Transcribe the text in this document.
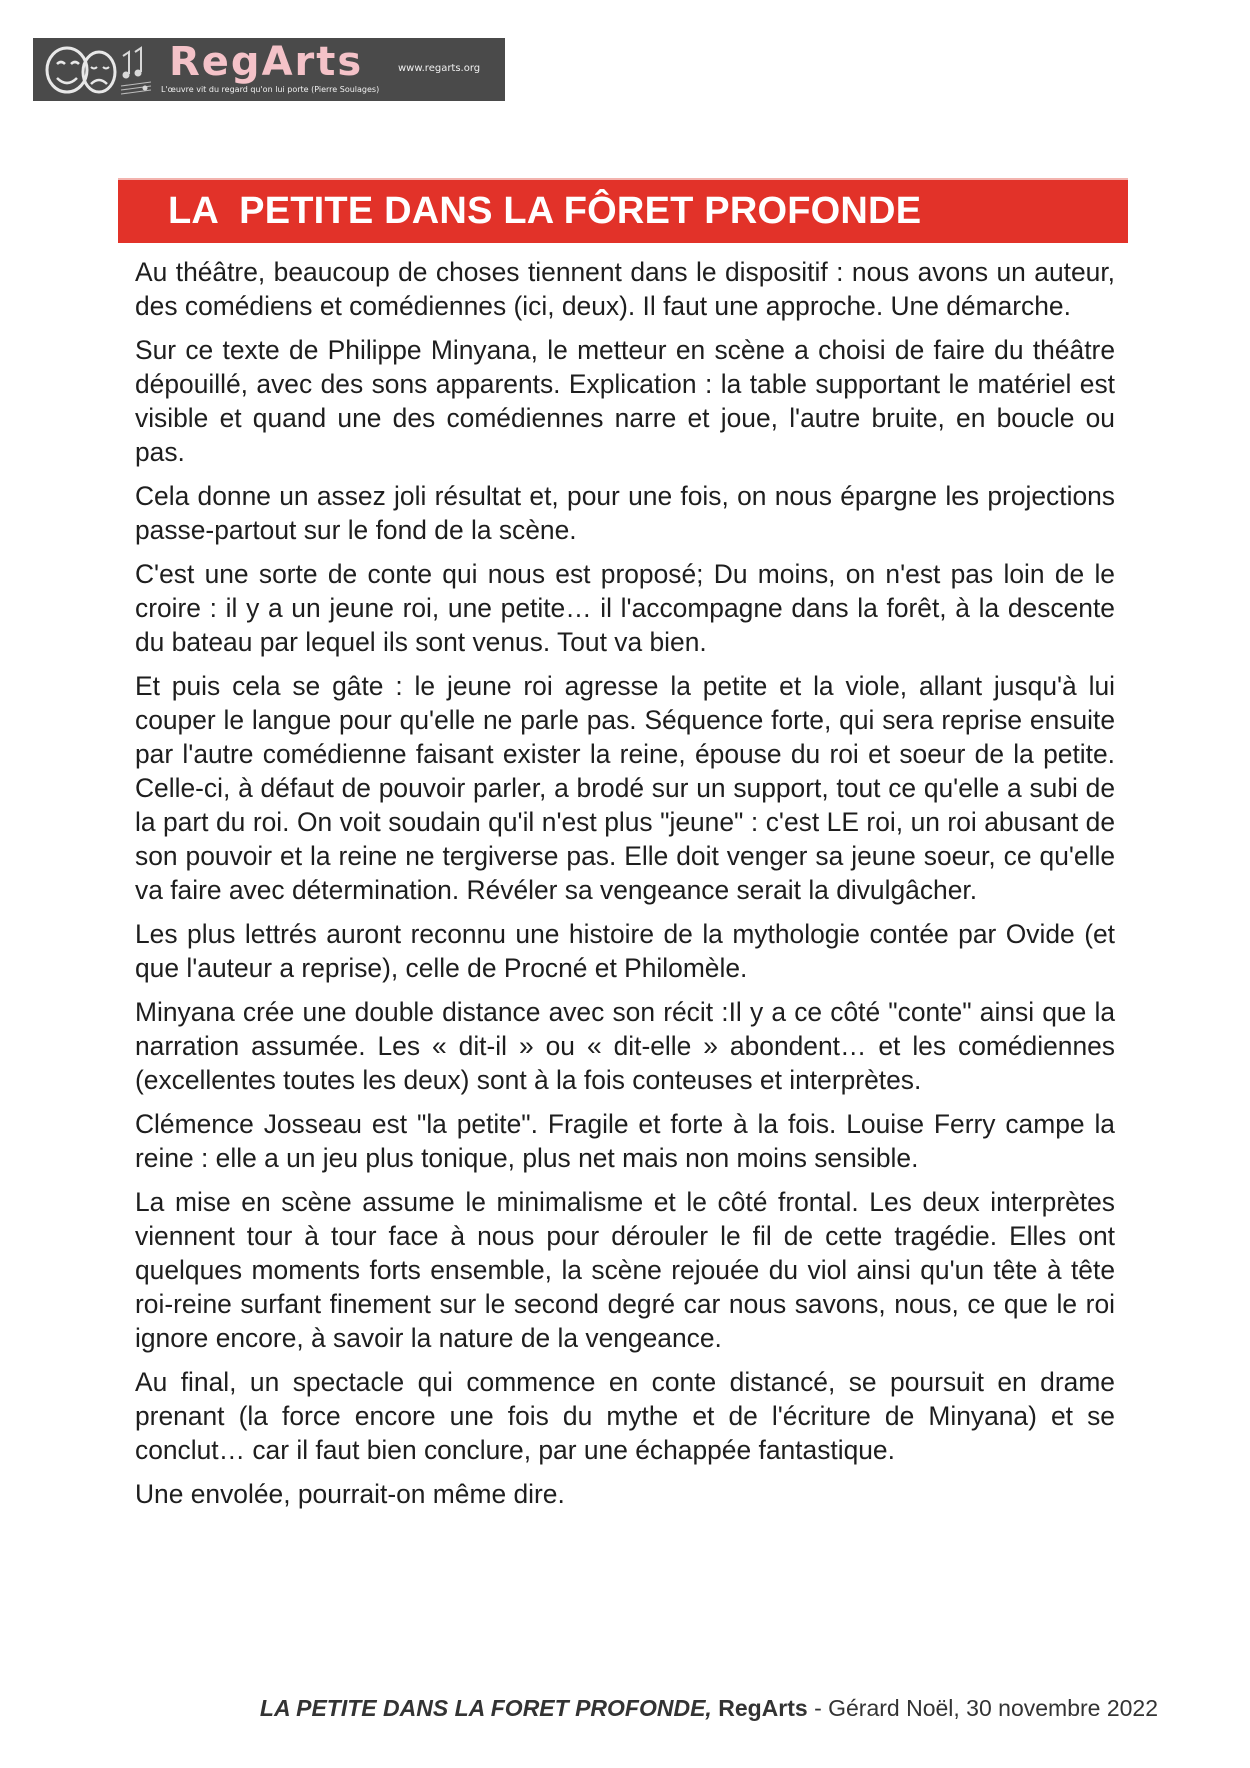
RegArts
L'œuvre vit du regard qu'on lui porte (Pierre Soulages)
www.regarts.org
LA  PETITE DANS LA FÔRET PROFONDE

Au théâtre, beaucoup de choses tiennent dans le dispositif : nous avons un auteur, des comédiens et comédiennes (ici, deux). Il faut une approche. Une démarche.

Sur ce texte de Philippe Minyana, le metteur en scène a choisi de faire du théâtre dépouillé, avec des sons apparents. Explication : la table supportant le matériel est visible et quand une des comédiennes narre et joue, l'autre bruite, en boucle ou pas.

Cela donne un assez joli résultat et, pour une fois, on nous épargne les projections passe-partout sur le fond de la scène.

C'est une sorte de conte qui nous est proposé; Du moins, on n'est pas loin de le croire : il y a un jeune roi, une petite… il l'accompagne dans la forêt, à la descente du bateau par lequel ils sont venus. Tout va bien.

Et puis cela se gâte : le jeune roi agresse la petite et la viole, allant jusqu'à lui couper le langue pour qu'elle ne parle pas. Séquence forte, qui sera reprise ensuite par l'autre comédienne faisant exister la reine, épouse du roi et soeur de la petite. Celle-ci, à défaut de pouvoir parler, a brodé sur un support, tout ce qu'elle a subi de la part du roi. On voit soudain qu'il n'est plus "jeune" : c'est LE roi, un roi abusant de son pouvoir et la reine ne tergiverse pas. Elle doit venger sa jeune soeur, ce qu'elle va faire avec détermination. Révéler sa vengeance serait la divulgâcher.

Les plus lettrés auront reconnu une histoire de la mythologie contée par Ovide (et que l'auteur a reprise), celle de Procné et Philomèle.

Minyana crée une double distance avec son récit :Il y a ce côté "conte" ainsi que la narration assumée. Les « dit-il » ou « dit-elle » abondent… et les comédiennes (excellentes toutes les deux) sont à la fois conteuses et interprètes.

Clémence Josseau est "la petite". Fragile et forte à la fois. Louise Ferry campe la reine : elle a un jeu plus tonique, plus net mais non moins sensible.

La mise en scène assume le minimalisme et le côté frontal. Les deux interprètes viennent tour à tour face à nous pour dérouler le fil de cette tragédie. Elles ont quelques moments forts ensemble, la scène rejouée du viol ainsi qu'un tête à tête roi-reine surfant finement sur le second degré car nous savons, nous, ce que le roi ignore encore, à savoir la nature de la vengeance.

Au final, un spectacle qui commence en conte distancé, se poursuit en drame prenant (la force encore une fois du mythe et de l'écriture de Minyana) et se conclut… car il faut bien conclure, par une échappée fantastique.

Une envolée, pourrait-on même dire.

LA PETITE DANS LA FORET PROFONDE, RegArts - Gérard Noël, 30 novembre 2022
